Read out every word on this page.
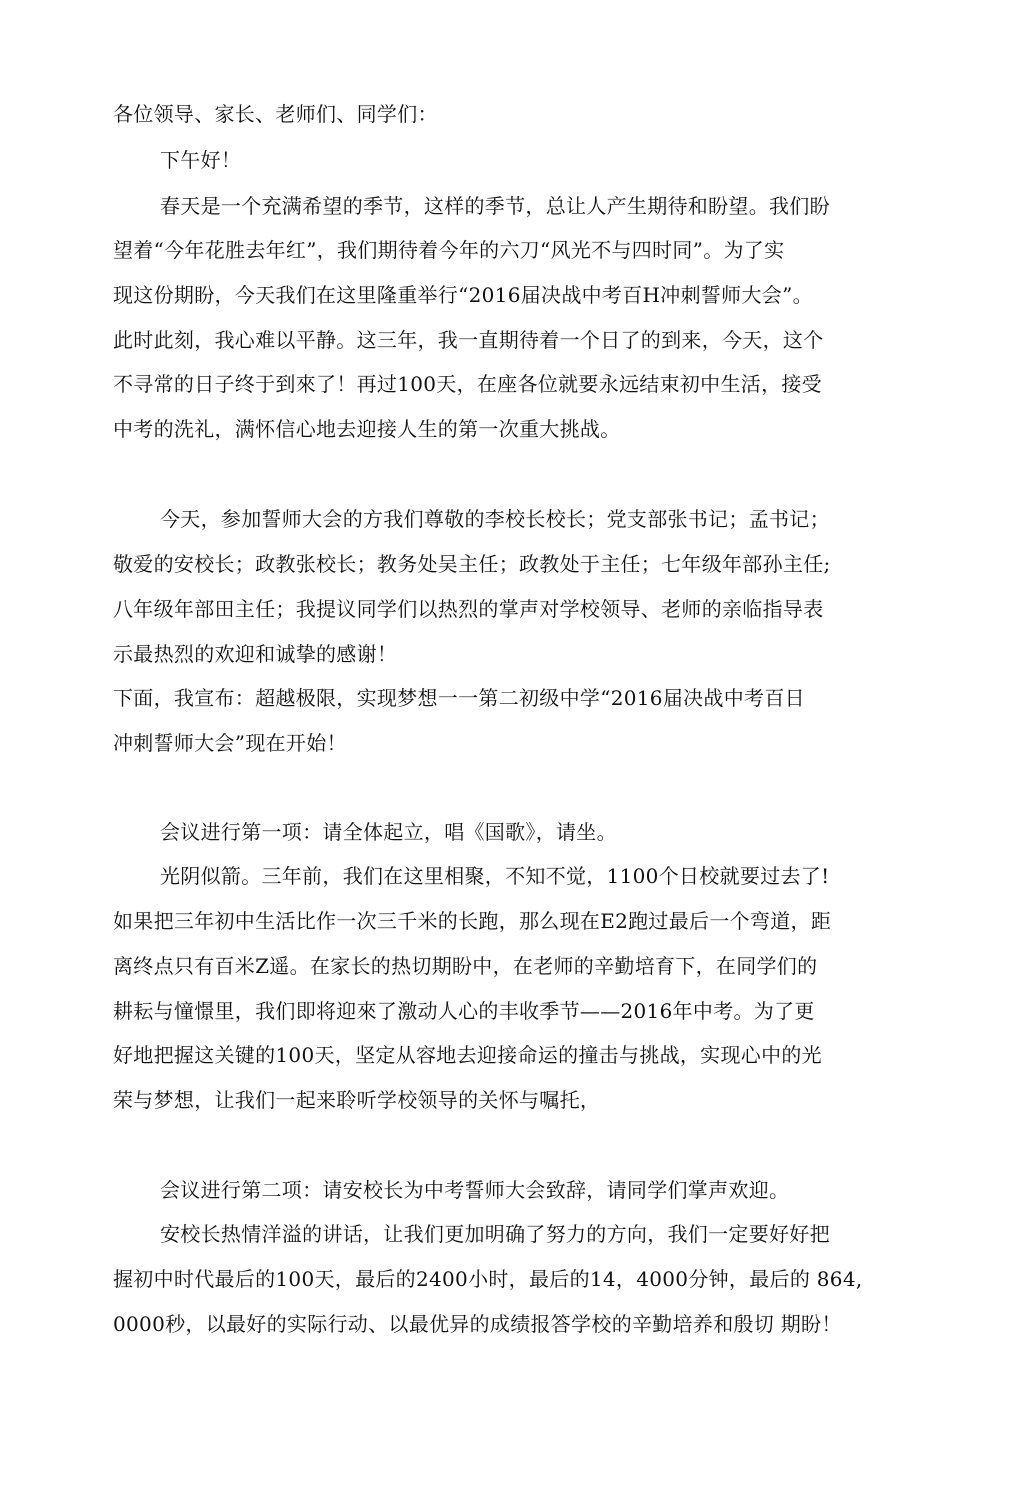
各位领导、家长、老师们、同学们：
下午好！
春天是一个充满希望的季节，这样的季节，总让人产生期待和盼望。我们盼
望着“今年花胜去年红”，我们期待着今年的六刀“风光不与四时同”。为了实
现这份期盼，今天我们在这里隆重举行“2016届决战中考百H冲刺誓师大会”。
此时此刻，我心难以平静。这三年，我一直期待着一个日了的到来，今天，这个
不寻常的日子终于到來了！再过100天，在座各位就要永远结束初中生活，接受
中考的洗礼，满怀信心地去迎接人生的第一次重大挑战。
今天，参加誓师大会的方我们尊敬的李校长校长；党支部张书记；孟书记；
敬爱的安校长；政教张校长；教务处吴主任；政教处于主任；七年级年部孙主任;
八年级年部田主任；我提议同学们以热烈的掌声对学校领导、老师的亲临指导表
示最热烈的欢迎和诚挚的感谢！
下面，我宣布：超越极限，实现梦想一一第二初级中学“2016届决战中考百日
冲刺誓师大会”现在开始！
会议进行第一项：请全体起立，唱《国歌》，请坐。
光阴似箭。三年前，我们在这里相聚，不知不觉，1100个日校就要过去了!
如果把三年初中生活比作一次三千米的长跑，那么现在E2跑过最后一个弯道，距
离终点只有百米Z遥。在家长的热切期盼中，在老师的辛勤培育下，在同学们的
耕耘与憧憬里，我们即将迎來了激动人心的丰收季节——2016年中考。为了更
好地把握这关键的100天，坚定从容地去迎接命运的撞击与挑战，实现心中的光
荣与梦想，让我们一起来聆听学校领导的关怀与嘱托，
会议进行第二项：请安校长为中考誓师大会致辞，请同学们掌声欢迎。
安校长热情洋溢的讲话，让我们更加明确了努力的方向，我们一定要好好把
握初中时代最后的100天，最后的2400小时，最后的14，4000分钟，最后的 864,
0000秒，以最好的实际行动、以最优异的成绩报答学校的辛勤培养和殷切 期盼！
